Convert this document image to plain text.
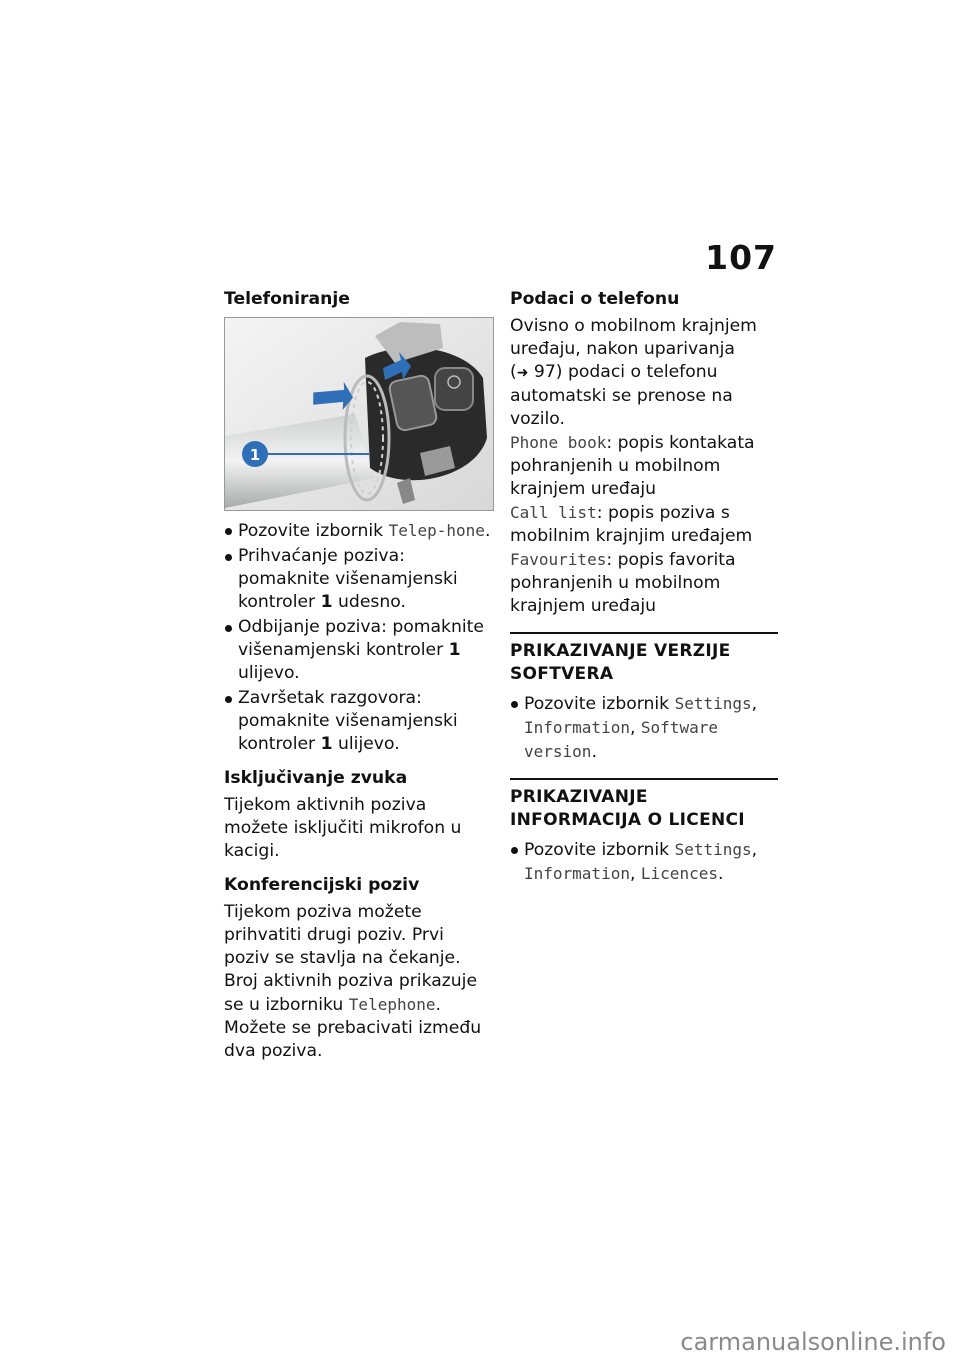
107
Telefoniranje
1
Pozovite izbornik Telep-hone.
Prihvaćanje poziva: pomaknite višenamjenski kontroler 1 udesno.
Odbijanje poziva: pomaknite višenamjenski kontroler 1 ulijevo.
Završetak razgovora: pomaknite višenamjenski kontroler 1 ulijevo.
Isključivanje zvuka

Tijekom aktivnih poziva možete isključiti mikrofon u kacigi.

Konferencijski poziv

Tijekom poziva možete prihvatiti drugi poziv. Prvi poziv se stavlja na čekanje. Broj aktivnih poziva prikazuje se u izborniku Telephone. Možete se prebacivati između dva poziva.

Podaci o telefonu

Ovisno o mobilnom krajnjem uređaju, nakon uparivanja (➜ 97) podaci o telefonu automatski se prenose na vozilo.

Phone book: popis kontakata pohranjenih u mobilnom krajnjem uređaju
Call list: popis poziva s mobilnim krajnjim uređajem
Favourites: popis favorita pohranjenih u mobilnom krajnjem uređaju
PRIKAZIVANJE VERZIJE SOFTVERA
Pozovite izbornik Settings, Information, Software version.
PRIKAZIVANJE INFORMACIJA O LICENCI
Pozovite izbornik Settings, Information, Licences.
carmanualsonline.info
